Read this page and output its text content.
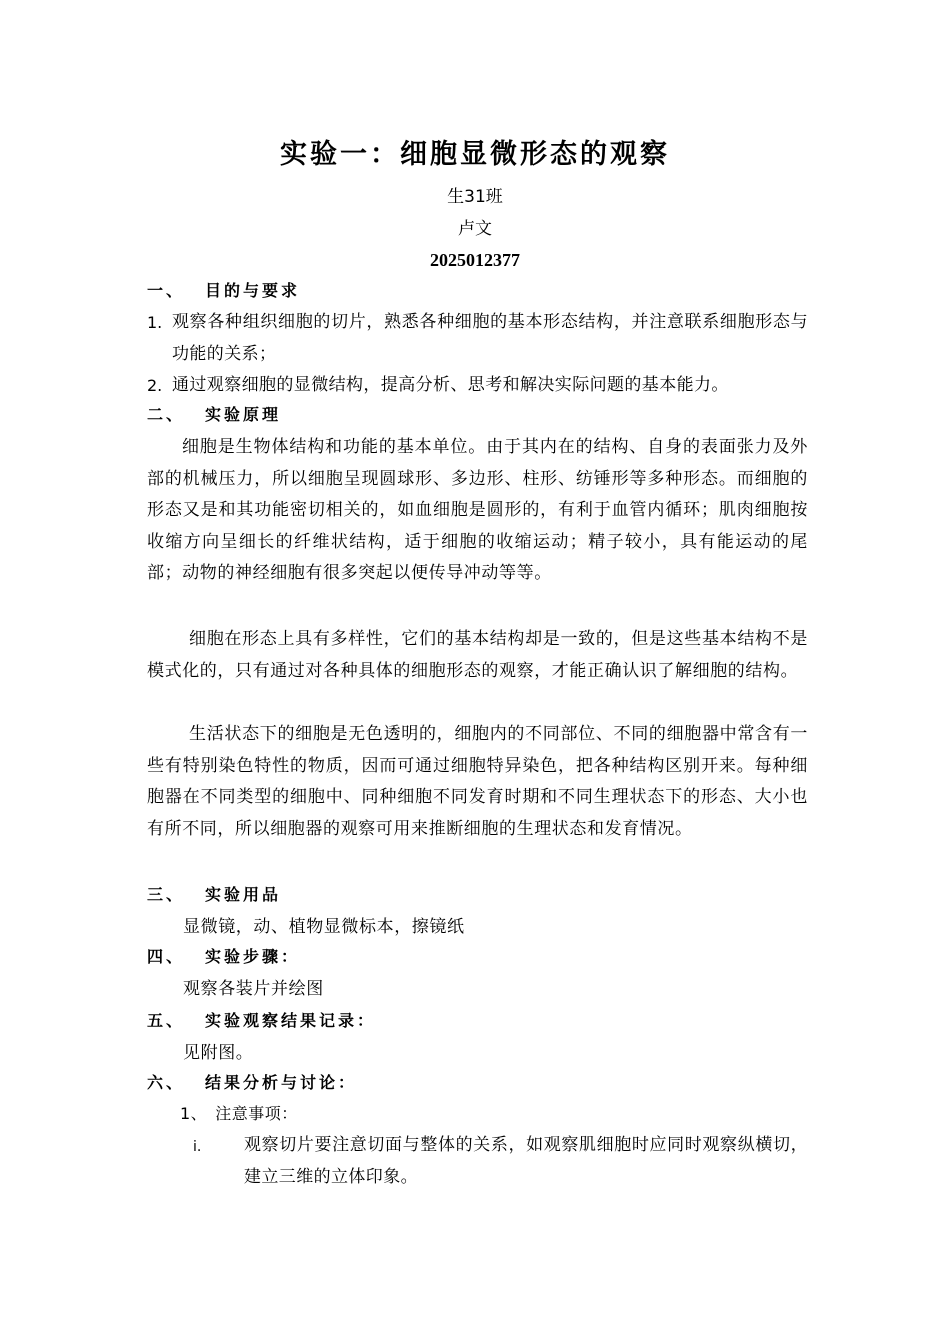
实验一：细胞显微形态的观察
生31班
卢文
2025012377
一、 目的与要求
1. 观察各种组织细胞的切片，熟悉各种细胞的基本形态结构，并注意联系细胞形态与功能的关系；
2. 通过观察细胞的显微结构，提高分析、思考和解决实际问题的基本能力。
二、 实验原理
细胞是生物体结构和功能的基本单位。由于其内在的结构、自身的表面张力及外部的机械压力，所以细胞呈现圆球形、多边形、柱形、纺锤形等多种形态。而细胞的形态又是和其功能密切相关的，如血细胞是圆形的，有利于血管内循环；肌肉细胞按收缩方向呈细长的纤维状结构，适于细胞的收缩运动；精子较小，具有能运动的尾部；动物的神经细胞有很多突起以便传导冲动等等。
细胞在形态上具有多样性，它们的基本结构却是一致的，但是这些基本结构不是模式化的，只有通过对各种具体的细胞形态的观察，才能正确认识了解细胞的结构。
生活状态下的细胞是无色透明的，细胞内的不同部位、不同的细胞器中常含有一些有特别染色特性的物质，因而可通过细胞特异染色，把各种结构区别开来。每种细胞器在不同类型的细胞中、同种细胞不同发育时期和不同生理状态下的形态、大小也有所不同，所以细胞器的观察可用来推断细胞的生理状态和发育情况。
三、 实验用品
显微镜，动、植物显微标本，擦镜纸
四、 实验步骤：
观察各装片并绘图
五、 实验观察结果记录：
见附图。
六、 结果分析与讨论：
1、 注意事项：
i.	观察切片要注意切面与整体的关系，如观察肌细胞时应同时观察纵横切，建立三维的立体印象。
